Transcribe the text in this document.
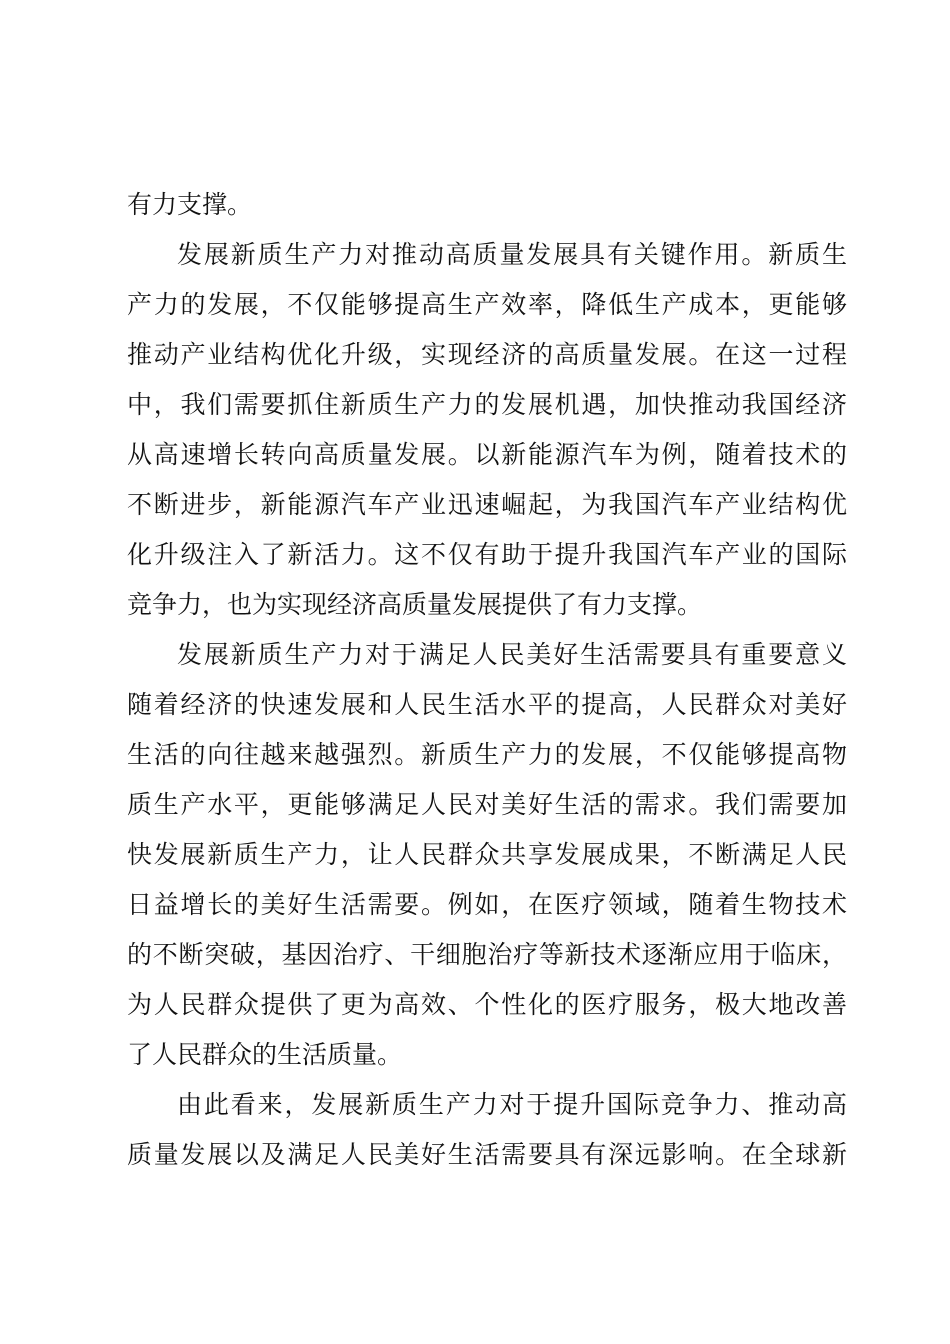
有力支撑。
发展新质生产力对推动高质量发展具有关键作用。新质生
产力的发展，不仅能够提高生产效率，降低生产成本，更能够
推动产业结构优化升级，实现经济的高质量发展。在这一过程
中，我们需要抓住新质生产力的发展机遇，加快推动我国经济
从高速增长转向高质量发展。以新能源汽车为例，随着技术的
不断进步，新能源汽车产业迅速崛起，为我国汽车产业结构优
化升级注入了新活力。这不仅有助于提升我国汽车产业的国际
竞争力，也为实现经济高质量发展提供了有力支撑。
发展新质生产力对于满足人民美好生活需要具有重要意义
随着经济的快速发展和人民生活水平的提高，人民群众对美好
生活的向往越来越强烈。新质生产力的发展，不仅能够提高物
质生产水平，更能够满足人民对美好生活的需求。我们需要加
快发展新质生产力，让人民群众共享发展成果，不断满足人民
日益增长的美好生活需要。例如，在医疗领域，随着生物技术
的不断突破，基因治疗、干细胞治疗等新技术逐渐应用于临床，
为人民群众提供了更为高效、个性化的医疗服务，极大地改善
了人民群众的生活质量。
由此看来，发展新质生产力对于提升国际竞争力、推动高
质量发展以及满足人民美好生活需要具有深远影响。在全球新
